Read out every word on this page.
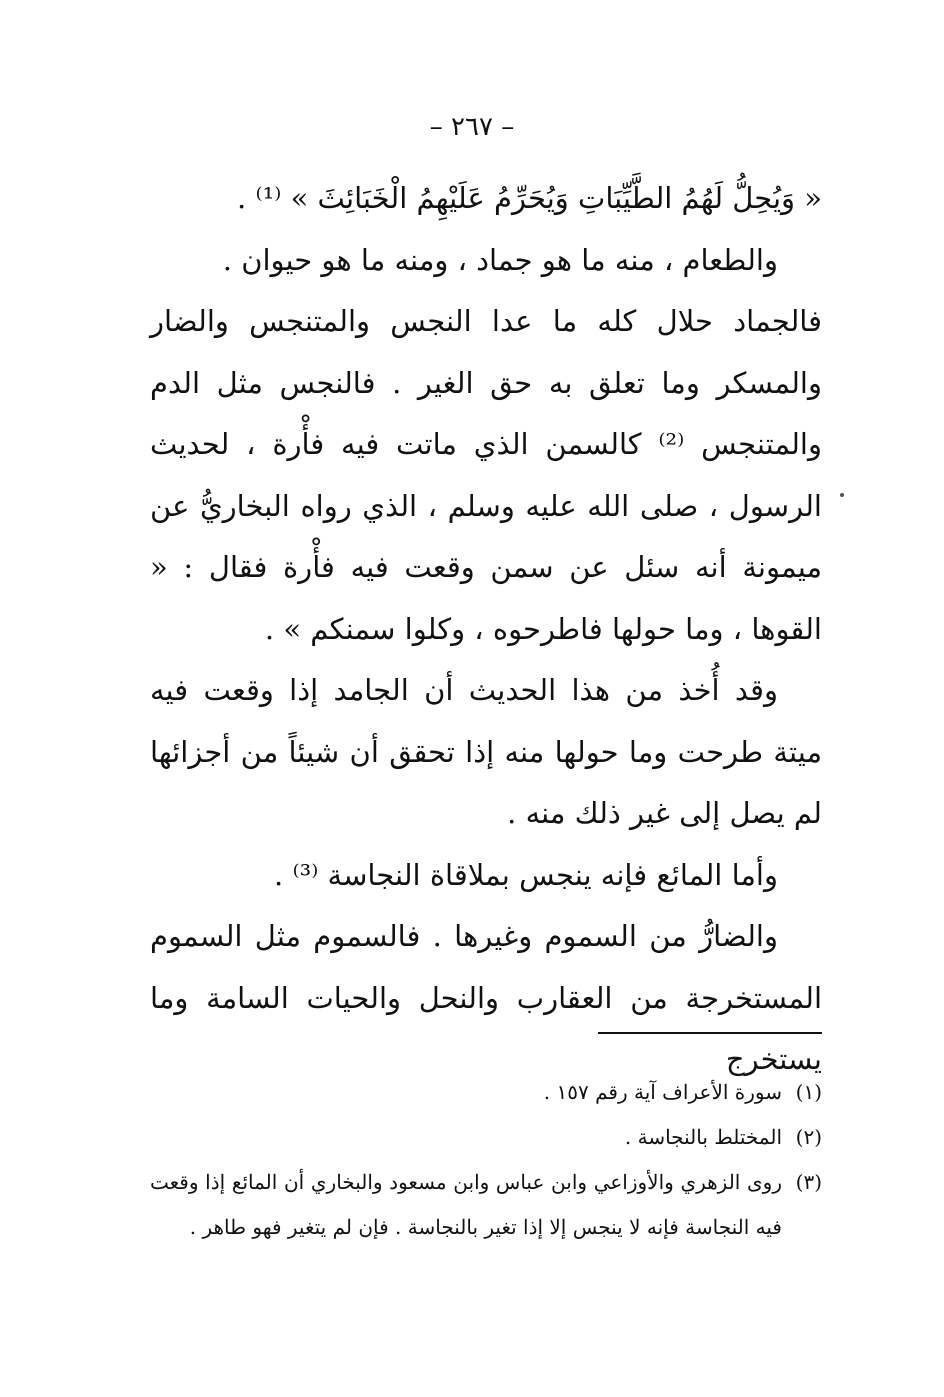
– ٢٦٧ –

« وَيُحِلُّ لَهُمُ الطَّيِّبَاتِ وَيُحَرِّمُ عَلَيْهِمُ الْخَبَائِثَ » ⁽¹⁾ .

والطعام ، منه ما هو جماد ، ومنه ما هو حيوان .

فالجماد حلال كله ما عدا النجس والمتنجس والضار والمسكر وما تعلق به حق الغير . فالنجس مثل الدم والمتنجس ⁽²⁾ كالسمن الذي ماتت فيه فأْرة ، لحديث الرسول ، صلى الله عليه وسلم ، الذي رواه البخاريُّ عن ميمونة أنه سئل عن سمن وقعت فيه فأْرة فقال : « القوها ، وما حولها فاطرحوه ، وكلوا سمنكم » .

وقد أُخذ من هذا الحديث أن الجامد إذا وقعت فيه ميتة طرحت وما حولها منه إذا تحقق أن شيئاً من أجزائها لم يصل إلى غير ذلك منه .

وأما المائع فإنه ينجس بملاقاة النجاسة ⁽³⁾ .

والضارُّ من السموم وغيرها . فالسموم مثل السموم المستخرجة من العقارب والنحل والحيات السامة وما يستخرج

(١)
سورة الأعراف آية رقم ١٥٧ .
(٢)
المختلط بالنجاسة .
(٣)
روى الزهري والأوزاعي وابن عباس وابن مسعود والبخاري أن المائع إذا وقعت فيه النجاسة فإنه لا ينجس إلا إذا تغير بالنجاسة . فإن لم يتغير فهو طاهر .
